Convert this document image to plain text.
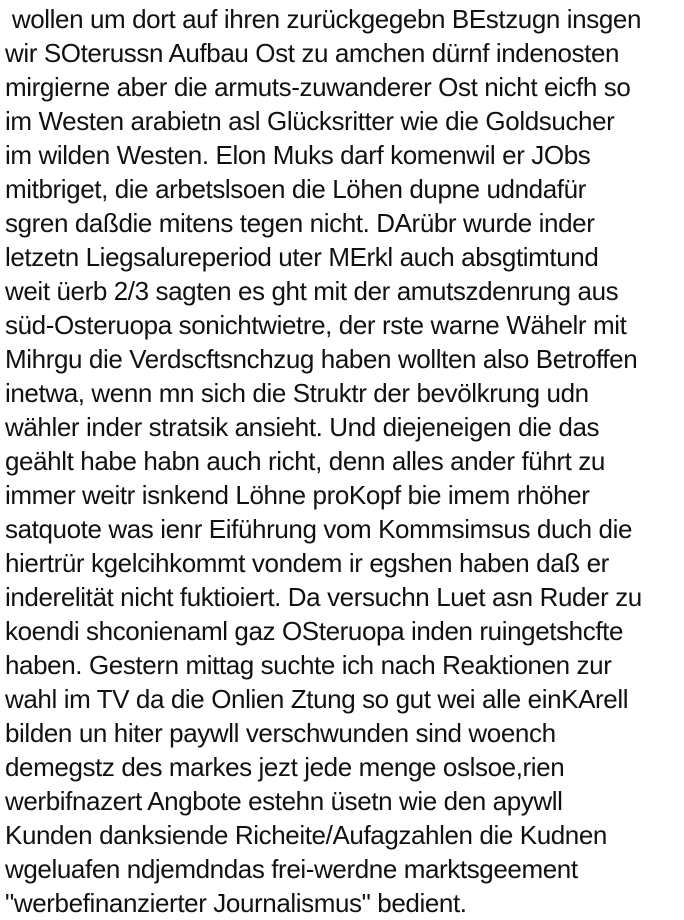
wollen um dort auf ihren zurückgegebn BEstzugn insgen
wir SOterussn Aufbau Ost zu amchen dürnf indenosten
mirgierne aber die armuts-zuwanderer Ost nicht eicfh so
im Westen arabietn asl Glücksritter wie die Goldsucher
im wilden Westen. Elon Muks darf komenwil er JObs
mitbriget, die arbetslsoen die Löhen dupne udndafür
sgren daßdie mitens tegen nicht. DArübr wurde inder
letzetn Liegsalureperiod uter MErkl auch absgtimtund
weit üerb 2/3 sagten es ght mit der amutszdenrung aus
süd-Osteruopa sonichtwietre, der rste warne Wähelr mit
Mihrgu die Verdscftsnchzug haben wollten also Betroffen
inetwa, wenn mn sich die Struktr der bevölkrung udn
wähler inder stratsik ansieht. Und diejeneigen die das
geählt habe habn auch richt, denn alles ander führt zu
immer weitr isnkend Löhne proKopf bie imem rhöher
satquote was ienr Eiführung vom Kommsimsus duch die
hiertrür kgelcihkommt vondem ir egshen haben daß er
inderelität nicht fuktioiert. Da versuchn Luet asn Ruder zu
koendi shconienaml gaz OSteruopa inden ruingetshcfte
haben. Gestern mittag suchte ich nach Reaktionen zur
wahl im TV da die Onlien Ztung so gut wei alle einKArell
bilden un hiter paywll verschwunden sind woench
demegstz des markes jezt jede menge oslsoe,rien
werbifnazert Angbote estehn üsetn wie den apywll
Kunden danksiende Richeite/Aufagzahlen die Kudnen
wgeluafen ndjemdndas frei-werdne marktsgeement
"werbefinanzierter Journalismus" bedient.
